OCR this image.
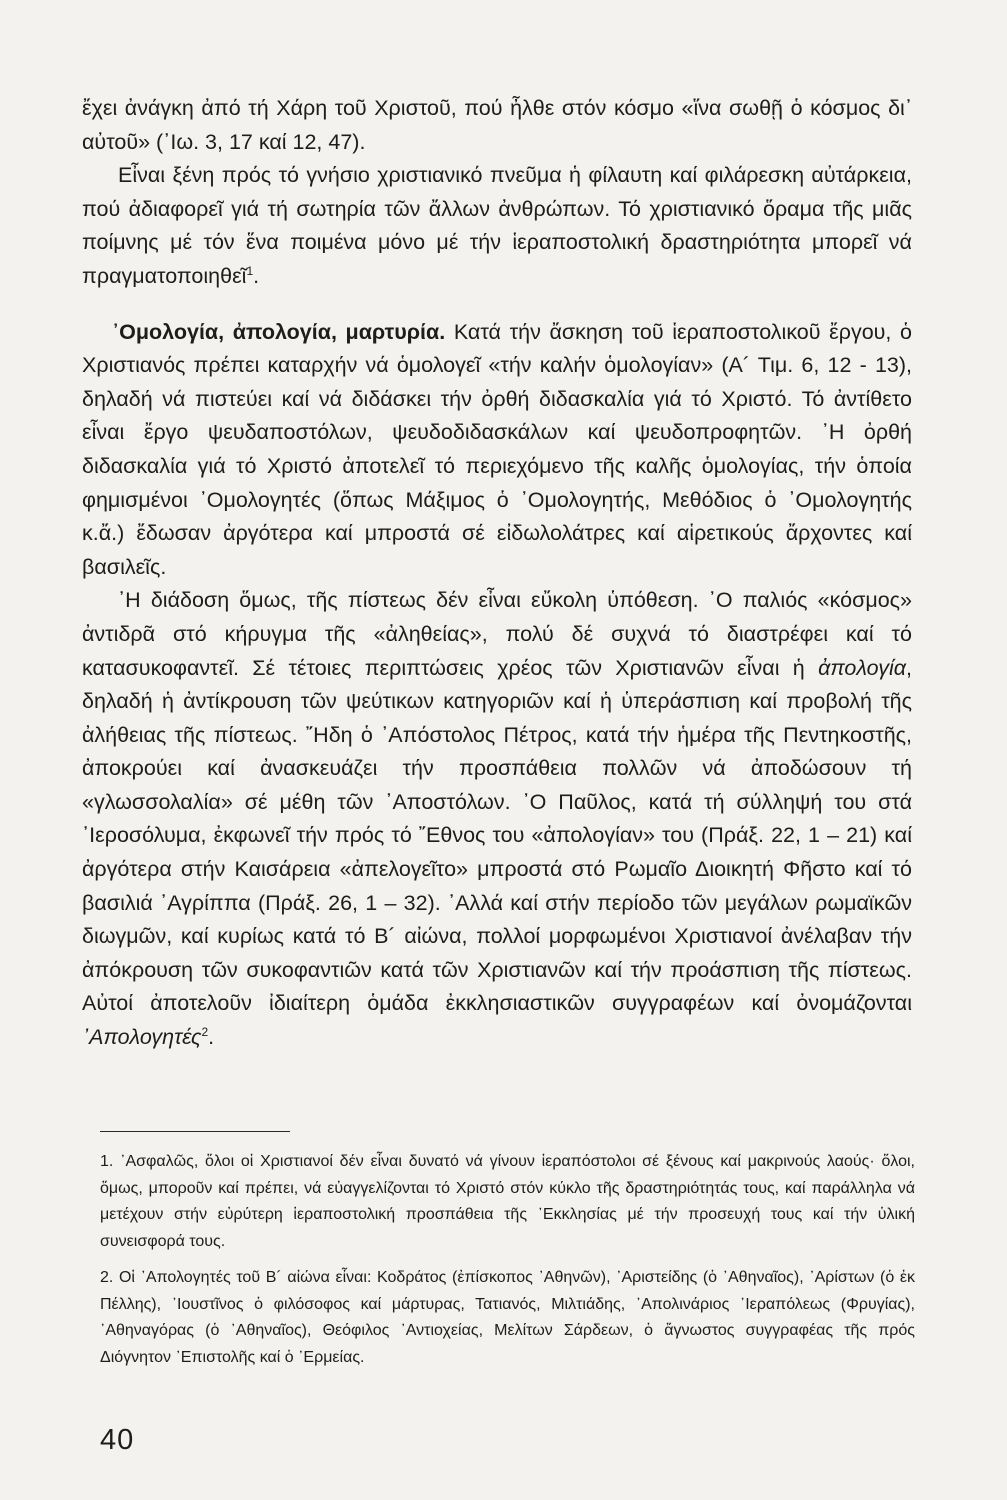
ἔχει ἀνάγκη ἀπό τή Χάρη τοῦ Χριστοῦ, πού ἦλθε στόν κόσμο «ἵνα σωθῇ ὁ κόσμος δι᾽ αὐτοῦ» (᾽Ιω. 3, 17 καί 12, 47).

Εἶναι ξένη πρός τό γνήσιο χριστιανικό πνεῦμα ἡ φίλαυτη καί φιλάρεσκη αὐτάρκεια, πού ἀδιαφορεῖ γιά τή σωτηρία τῶν ἄλλων ἀνθρώπων. Τό χριστιανικό ὅραμα τῆς μιᾶς ποίμνης μέ τόν ἕνα ποιμένα μόνο μέ τήν ἱεραποστολική δραστηριότητα μπορεῖ νά πραγματοποιηθεῖ$^1$.

᾽Ομολογία, ἀπολογία, μαρτυρία. Κατά τήν ἄσκηση τοῦ ἱεραποστολικοῦ ἔργου, ὁ Χριστιανός πρέπει καταρχήν νά ὁμολογεῖ «τήν καλήν ὁμολογίαν» (Α´ Τιμ. 6, 12 - 13), δηλαδή νά πιστεύει καί νά διδάσκει τήν ὀρθή διδασκαλία γιά τό Χριστό. Τό ἀντίθετο εἶναι ἔργο ψευδαποστόλων, ψευδοδιδασκάλων καί ψευδοπροφητῶν. ᾽Η ὀρθή διδασκαλία γιά τό Χριστό ἀποτελεῖ τό περιεχόμενο τῆς καλῆς ὁμολογίας, τήν ὁποία φημισμένοι ᾽Ομολογητές (ὅπως Μάξιμος ὁ ᾽Ομολογητής, Μεθόδιος ὁ ᾽Ομολογητής κ.ἄ.) ἔδωσαν ἀργότερα καί μπροστά σέ εἰδωλολάτρες καί αἱρετικούς ἄρχοντες καί βασιλεῖς.

᾽Η διάδοση ὅμως, τῆς πίστεως δέν εἶναι εὔκολη ὑπόθεση. ᾽Ο παλιός «κόσμος» ἀντιδρᾶ στό κήρυγμα τῆς «ἀληθείας», πολύ δέ συχνά τό διαστρέφει καί τό κατασυκοφαντεῖ. Σέ τέτοιες περιπτώσεις χρέος τῶν Χριστιανῶν εἶναι ἡ ἀπολογία, δηλαδή ἡ ἀντίκρουση τῶν ψεύτικων κατηγοριῶν καί ἡ ὑπεράσπιση καί προβολή τῆς ἀλήθειας τῆς πίστεως. ῎Ηδη ὁ ᾽Απόστολος Πέτρος, κατά τήν ἡμέρα τῆς Πεντηκοστῆς, ἀποκρούει καί ἀνασκευάζει τήν προσπάθεια πολλῶν νά ἀποδώσουν τή «γλωσσολαλία» σέ μέθη τῶν ᾽Αποστόλων. ᾽Ο Παῦλος, κατά τή σύλληψή του στά ᾽Ιεροσόλυμα, ἐκφωνεῖ τήν πρός τό ῎Εθνος του «ἀπολογίαν» του (Πράξ. 22, 1 – 21) καί ἀργότερα στήν Καισάρεια «ἀπελογεῖτο» μπροστά στό Ρωμαῖο Διοικητή Φῆστο καί τό βασιλιά ᾽Αγρίππα (Πράξ. 26, 1 – 32). ᾽Αλλά καί στήν περίοδο τῶν μεγάλων ρωμαϊκῶν διωγμῶν, καί κυρίως κατά τό Β´ αἰώνα, πολλοί μορφωμένοι Χριστιανοί ἀνέλαβαν τήν ἀπόκρουση τῶν συκοφαντιῶν κατά τῶν Χριστιανῶν καί τήν προάσπιση τῆς πίστεως. Αὐτοί ἀποτελοῦν ἰδιαίτερη ὁμάδα ἐκκλησιαστικῶν συγγραφέων καί ὀνομάζονται ᾽Απολογητές$^2$.

1. ᾽Ασφαλῶς, ὅλοι οἱ Χριστιανοί δέν εἶναι δυνατό νά γίνουν ἱεραπόστολοι σέ ξένους καί μακρινούς λαούς· ὅλοι, ὅμως, μποροῦν καί πρέπει, νά εὐαγγελίζονται τό Χριστό στόν κύκλο τῆς δραστηριότητάς τους, καί παράλληλα νά μετέχουν στήν εὐρύτερη ἱεραποστολική προσπάθεια τῆς ᾽Εκκλησίας μέ τήν προσευχή τους καί τήν ὑλική συνεισφορά τους.

2. Οἱ ᾽Απολογητές τοῦ Β´ αἰώνα εἶναι: Κοδράτος (ἐπίσκοπος ᾽Αθηνῶν), ᾽Αριστείδης (ὁ ᾽Αθηναῖος), ᾽Αρίστων (ὁ ἐκ Πέλλης), ᾽Ιουστῖνος ὁ φιλόσοφος καί μάρτυρας, Τατιανός, Μιλτιάδης, ᾽Απολινάριος ᾽Ιεραπόλεως (Φρυγίας), ᾽Αθηναγόρας (ὁ ᾽Αθηναῖος), Θεόφιλος ᾽Αντιοχείας, Μελίτων Σάρδεων, ὁ ἄγνωστος συγγραφέας τῆς πρός Διόγνητον ᾽Επιστολῆς καί ὁ ᾽Ερμείας.

40
